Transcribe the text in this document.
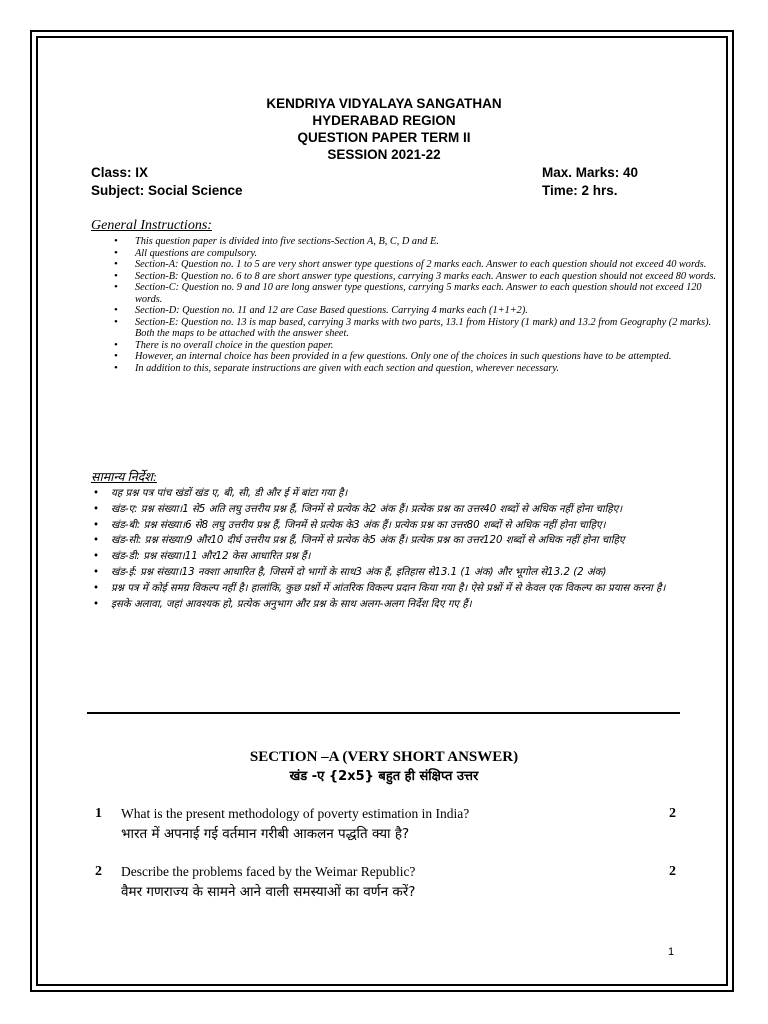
KENDRIYA VIDYALAYA SANGATHAN
HYDERABAD REGION
QUESTION PAPER TERM II
SESSION 2021-22
Class: IX
Subject: Social Science
Max. Marks: 40
Time: 2 hrs.
General Instructions:
• This question paper is divided into five sections-Section A, B, C, D and E.
• All questions are compulsory.
• Section-A: Question no. 1 to 5 are very short answer type questions of 2 marks each. Answer to each question should not exceed 40 words.
• Section-B: Question no. 6 to 8 are short answer type questions, carrying 3 marks each. Answer to each question should not exceed 80 words.
• Section-C: Question no. 9 and 10 are long answer type questions, carrying 5 marks each. Answer to each question should not exceed 120 words.
• Section-D: Question no. 11 and 12 are Case Based questions. Carrying 4 marks each (1+1+2).
• Section-E: Question no. 13 is map based, carrying 3 marks with two parts, 13.1 from History (1 mark) and 13.2 from Geography (2 marks). Both the maps to be attached with the answer sheet.
• There is no overall choice in the question paper.
• However, an internal choice has been provided in a few questions. Only one of the choices in such questions have to be attempted.
• In addition to this, separate instructions are given with each section and question, wherever necessary.
सामान्य निर्देश:
• यह प्रश्न पत्र पांच खंडों खंड ए, बी, सी, डी और ई में बांटा गया है।
• खंड-ए: प्रश्न संख्या।1 से5 अति लघु उत्तरीय प्रश्न हैं, जिनमें से प्रत्येक के2 अंक हैं। प्रत्येक प्रश्न का उत्तर40 शब्दों से अधिक नहीं होना चाहिए।
• खंड-बी: प्रश्न संख्या।6 से8 लघु उत्तरीय प्रश्न हैं, जिनमें से प्रत्येक के3 अंक हैं। प्रत्येक प्रश्न का उत्तर80 शब्दों से अधिक नहीं होना चाहिए।
• खंड-सी: प्रश्न संख्या।9 और10 दीर्घ उत्तरीय प्रश्न हैं, जिनमें से प्रत्येक के5 अंक हैं। प्रत्येक प्रश्न का उत्तर120 शब्दों से अधिक नहीं होना चाहिए
• खंड-डी: प्रश्न संख्या।11 और12 केस आधारित प्रश्न हैं।
• खंड-ई: प्रश्न संख्या।13 नक्शा आधारित है, जिसमें दो भागों के साथ3 अंक हैं, इतिहास से13.1 (1 अंक) और भूगोल से13.2 (2 अंक)
• प्रश्न पत्र में कोई समग्र विकल्प नहीं है। हालांकि, कुछ प्रश्नों में आंतरिक विकल्प प्रदान किया गया है। ऐसे प्रश्नों में से केवल एक विकल्प का प्रयास करना है।
• इसके अलावा, जहां आवश्यक हो, प्रत्येक अनुभाग और प्रश्न के साथ अलग-अलग निर्देश दिए गए हैं।
SECTION –A (VERY SHORT ANSWER)
खंड -ए {2x5} बहुत ही संक्षिप्त उत्तर
1 What is the present methodology of poverty estimation in India?
भारत में अपनाई गई वर्तमान गरीबी आकलन पद्धति क्या है?
2
2 Describe the problems faced by the Weimar Republic?
वैमर गणराज्य के सामने आने वाली समस्याओं का वर्णन करें?
2
1
